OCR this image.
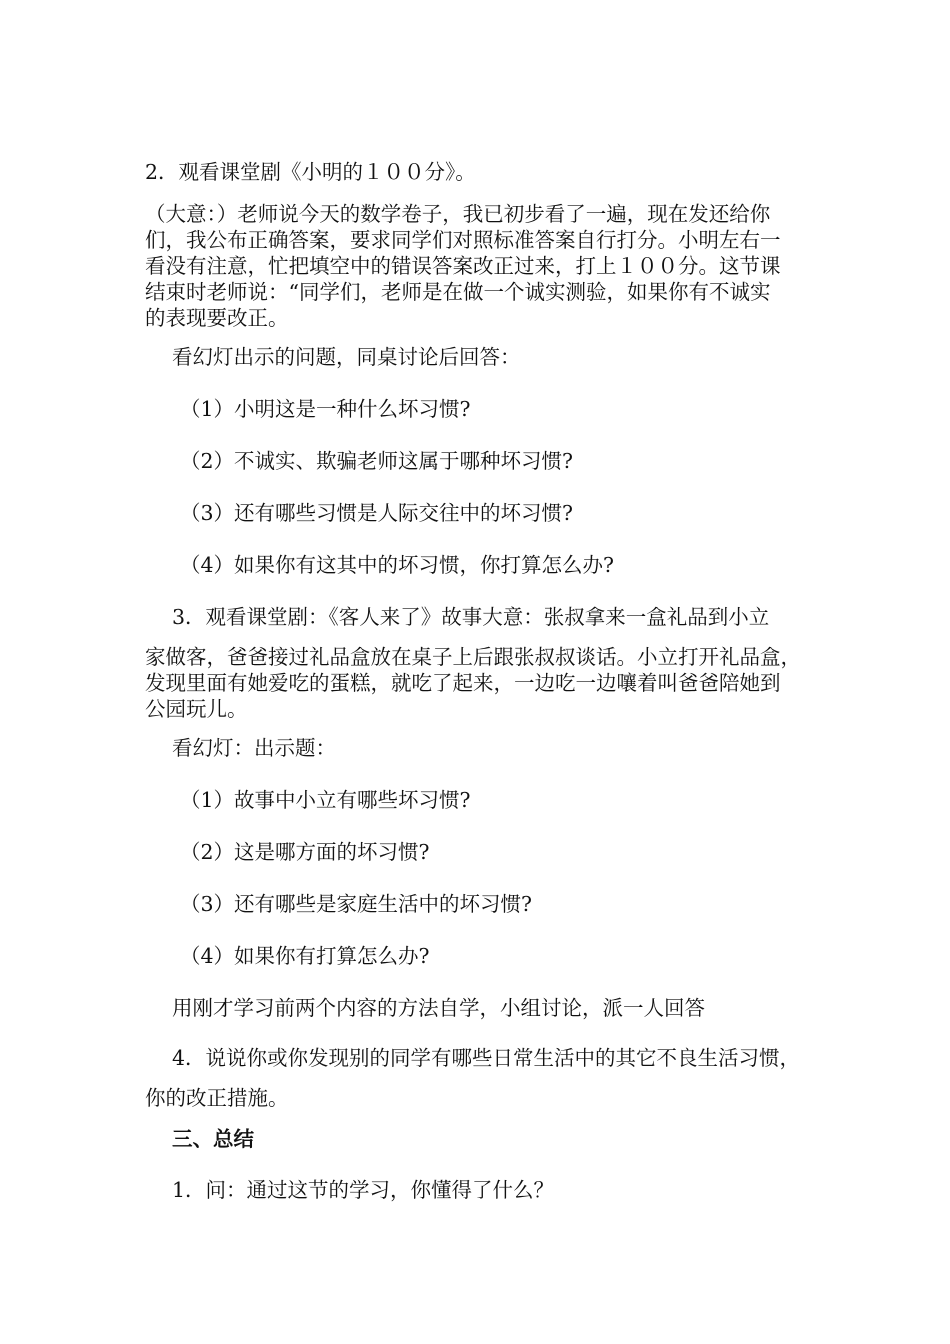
2．观看课堂剧《小明的１００分》。
（大意：）老师说今天的数学卷子，我已初步看了一遍，现在发还给你
们，我公布正确答案，要求同学们对照标准答案自行打分。小明左右一
看没有注意，忙把填空中的错误答案改正过来，打上１００分。这节课
结束时老师说：“同学们，老师是在做一个诚实测验，如果你有不诚实
的表现要改正。
看幻灯出示的问题，同桌讨论后回答：
（1）小明这是一种什么坏习惯?
（2）不诚实、欺骗老师这属于哪种坏习惯?
（3）还有哪些习惯是人际交往中的坏习惯?
（4）如果你有这其中的坏习惯，你打算怎么办?
3．观看课堂剧：《客人来了》故事大意：张叔拿来一盒礼品到小立
家做客，爸爸接过礼品盒放在桌子上后跟张叔叔谈话。小立打开礼品盒，
发现里面有她爱吃的蛋糕，就吃了起来，一边吃一边嚷着叫爸爸陪她到
公园玩儿。
看幻灯：出示题：
（1）故事中小立有哪些坏习惯?
（2）这是哪方面的坏习惯?
（3）还有哪些是家庭生活中的坏习惯?
（4）如果你有打算怎么办?
用刚才学习前两个内容的方法自学，小组讨论，派一人回答
4．说说你或你发现别的同学有哪些日常生活中的其它不良生活习惯，
你的改正措施。
三、总结
1．问：通过这节的学习，你懂得了什么？
